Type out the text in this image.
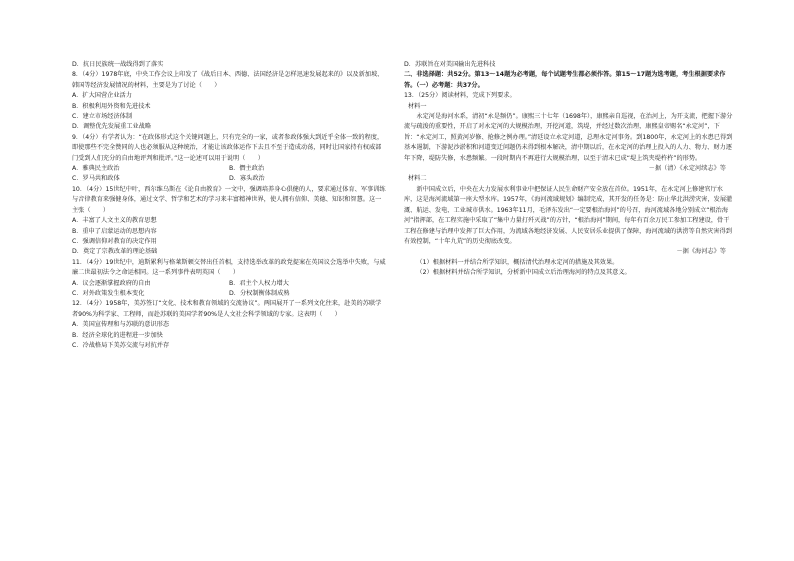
D．抗日民族统一战线得到了落实

8．（4分）1978年底，中央工作会议上印发了《战后日本、西德、法国经济是怎样迅速发展起来的》以及新加坡、韩国等经济发展情况的材料，主要是为了讨论（　　）

A．扩大国营企业活力

B．积极利用外资和先进技术

C．建立市场经济体制

D．调整优先发展重工业战略

9．（4分）有学者认为：“在政体形式这个关键问题上，只有完全的一家，或者参政体强大到近乎全体一致的程度，即使那些不完全赞同的人也必须服从这种统治，才能让该政体运作下去且不至于造成动荡，同时让国家持有权威部门受到人们充分的自由地评判和批评。”这一论述可以用于说明（　　）

A．雅典民主政治	B．僭主政治
C．罗马共和政体	D．寡头政治

10．（4分）15世纪中叶，西尔维乌斯在《论自由教育》一文中，强调培养身心俱健的人，要求通过体育、军事训练与音律教育来强健身体，通过文学、哲学和艺术的学习来丰富精神世界，使人拥有信仰、美德、知识和智慧。这一主张（　　）

A．丰富了人文主义的教育思想

B．重申了启蒙运动的思想内容

C．强调信仰对教育的决定作用

D．奠定了宗教改革的理论基础

11．（4分）19世纪中，迪斯累利与格莱斯顿交替出任首相，支持选举改革的政党提案在英国议会选举中失败，与威廉二世最初法令之命运相同。这一系列事件表明英国（　　）

A．议会逐渐掌握政府的自由	B．君主个人权力增大
C．对外政策发生根本变化	D．分权制衡体制成熟

12．（4分）1958年，美苏签订“文化、技术和教育领域的交流协议”。两国展开了一系列文化往来，赴美的苏联学者90%为科学家、工程师，而赴苏联的美国学者90%是人文社会科学领域的专家。这表明（　　）

A．美国宣传理和与苏联的意识形态

B．经济全球化的进程进一步加快

C．冷战格局下美苏交流与对抗并存

D．苏联旨在对美国输出先进科技

二、非选择题：共52分。第13～14题为必考题，每个试题考生都必须作答。第15～17题为选考题，考生根据要求作答。（一）必考题：共37分。

13．（25分）阅读材料，完成下列要求。

材料一

永定河是海河水系，清初“永是频仍”。康熙三十七年（1698年），康熙亲自巡视，在治河上，为开支流，把握下游分流与疏浚的重要性，开启了对永定河的大规模治理，开挖河道，筑堤，并经过数次治理，康熙皇帝赐名“永定河”，下旨：“永定河工，照黄河岁修、抢修之例办理。”清廷设立永定河道，总理永定河事务。到1800年，永定河上的水患已得到基本遏制，下游泥沙淤积和河道变迁问题仍未得到根本解决，清中期以后，在永定河的治理上投入的人力、物力、财力逐年下降，堤防失修，水患频繁。一段时期内不再进行大规模治理，以至于清末已成“堤上筑夹堤杵杵”的形势。

－据（清）《永定河续志》等

材料二

新中国成立后，中央在大力发展水利事业中把保证人民生命财产安全放在首位。1951年，在永定河上修建官厅水库，这是海河流域第一座大型水库。1957年，《海河流域规划》编制完成，其开发的任务是：防止华北洪涝灾害，发展灌溉、航运、发电、工业城市供水。1963年11月，毛泽东发出“一定要根治海河”的号召，海河流域各地分别成立“根治海河”指挥部，在工程实施中采取了“集中力量打歼灭战”的方针，“根治海河”期间，每年有百余万民工参加工程建设，骨干工程在修建与治理中发挥了巨大作用，为流域各地经济发展、人民安居乐业提供了保障，海河流域的洪涝等自然灾害得到有效控制，“十年九荒”的历史彻底改变。

－据《海河志》等

（1）根据材料一并结合所学知识，概括清代治理永定河的措施及其效果。

（2）根据材料并结合所学知识，分析新中国成立后治理海河的特点及其意义。
